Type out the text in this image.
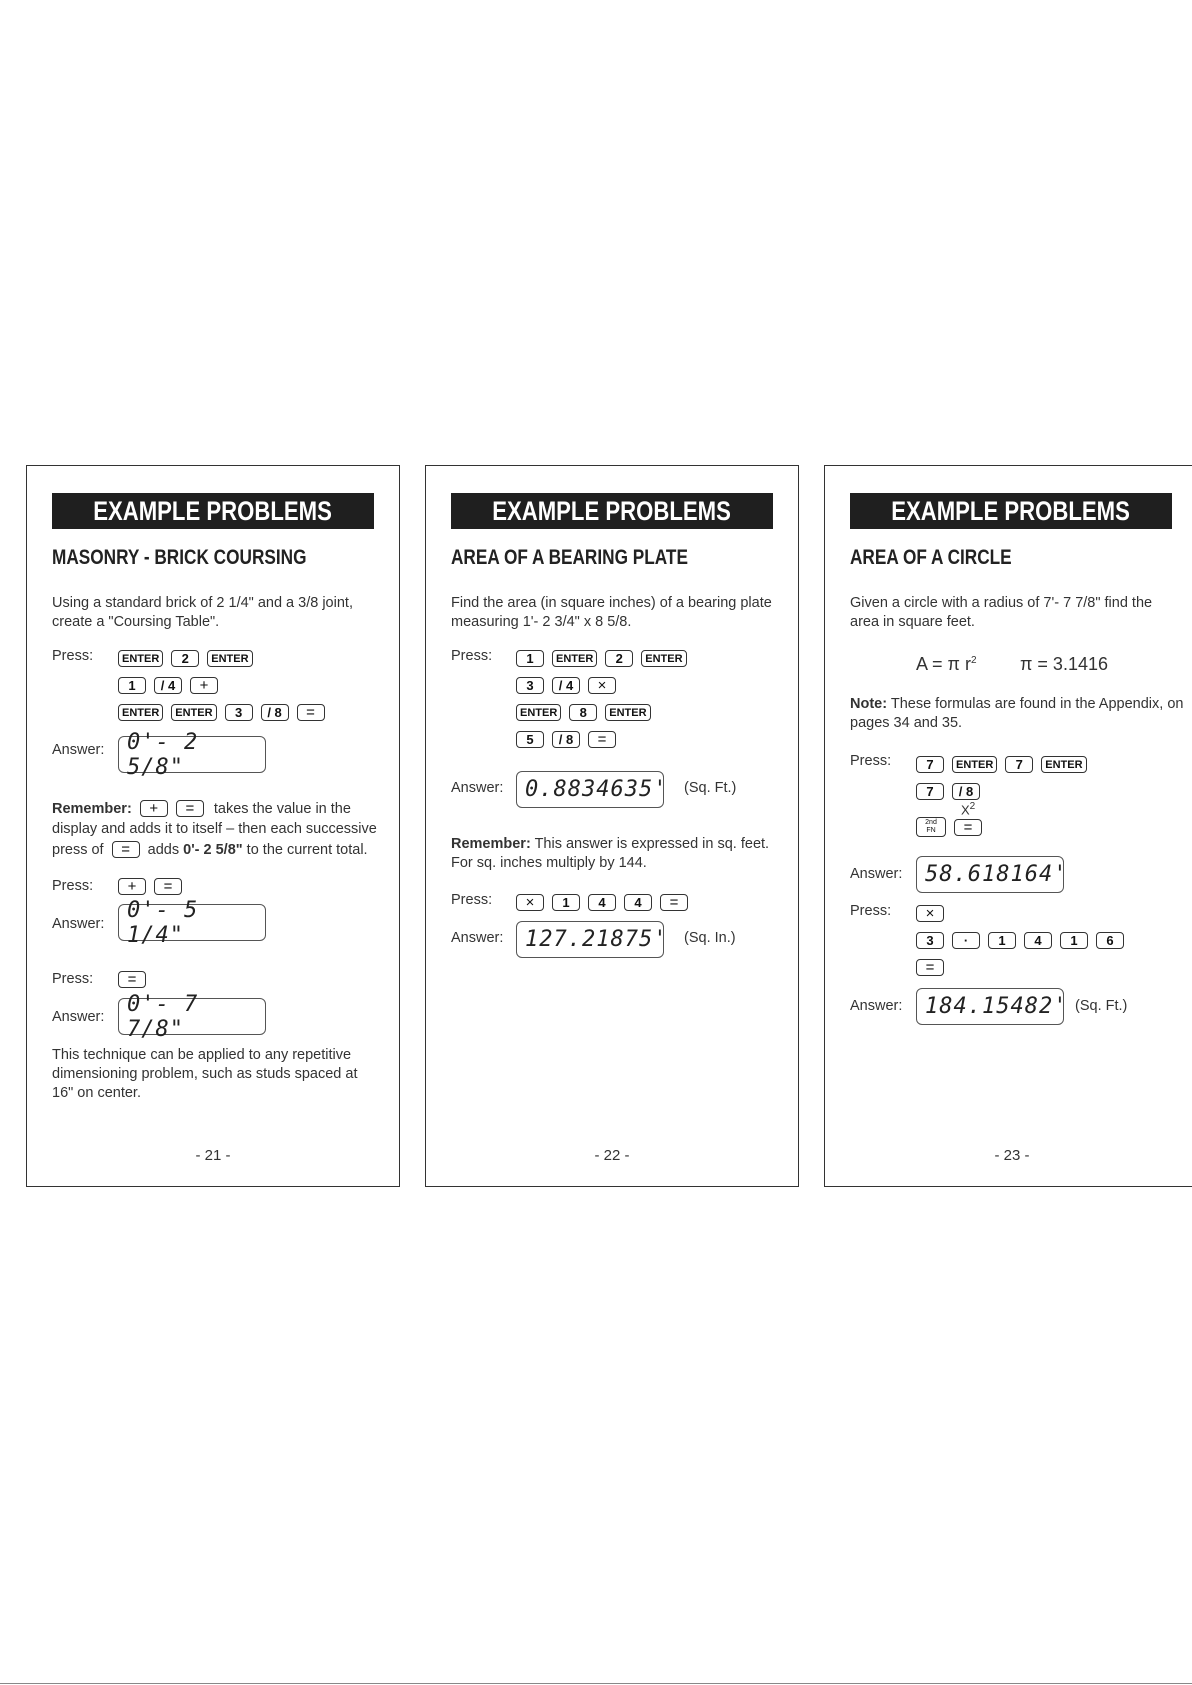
EXAMPLE PROBLEMS
MASONRY - BRICK COURSING
Using a standard brick of 2 1/4" and a 3/8 joint, create a "Coursing Table".
Press:	ENTER	2	ENTER
1	/ 4	+
ENTER	ENTER	3	/ 8	=
Answer:	0'- 2 5/8"
Remember: + = takes the value in the
display and adds it to itself – then each successive
press of = adds 0'- 2 5/8" to the current total.
Press:	+	=
Answer:
0'- 5 1/4"
Press:	=
Answer:
0'- 7 7/8"
This technique can be applied to any repetitive dimensioning problem, such as studs spaced at 16" on center.
- 21 -
EXAMPLE PROBLEMS
AREA OF A BEARING PLATE
Find the area (in square inches) of a bearing plate measuring 1'- 2 3/4" x 8 5/8.
Press:	1	ENTER	2	ENTER
3	/ 4	×
ENTER	8	ENTER
5	/ 8	=
Answer: 0.8834635' (Sq. Ft.)
Remember: This answer is expressed in sq. feet. For sq. inches multiply by 144.
Press:	×	1	4	4	=
Answer: 127.21875' (Sq. In.)
- 22 -
EXAMPLE PROBLEMS
AREA OF A CIRCLE
Given a circle with a radius of 7'- 7 7/8" find the area in square feet.
A = π $r^2$ π = 3.1416
Note: These formulas are found in the Appendix, on pages 34 and 35.
Press:	7	ENTER	7	ENTER
7	/ 8
$X^2$
2nd
FN	=
Answer:	58.618164'
Press:	×
3	·	1	4	1	6
=
Answer:	184.15482' (Sq. Ft.)
- 23 -
